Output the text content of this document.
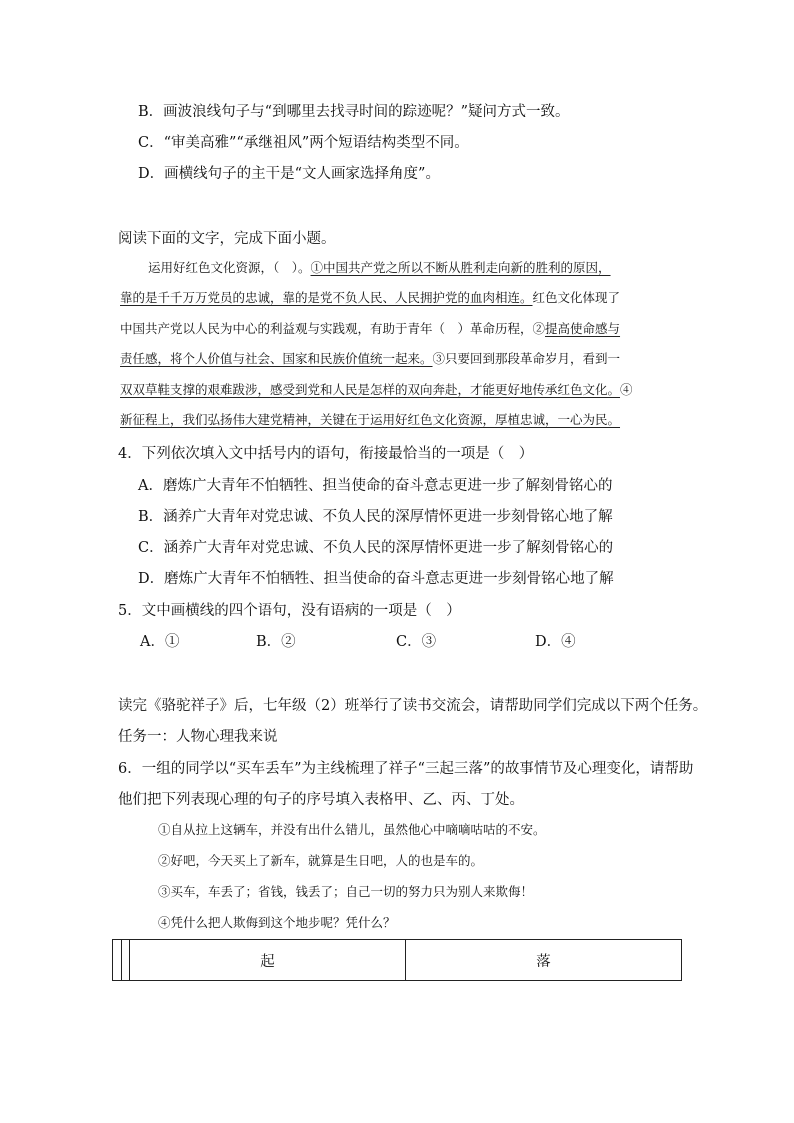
B．画波浪线句子与“到哪里去找寻时间的踪迹呢？”疑问方式一致。
C．“审美高雅”“承继祖风”两个短语结构类型不同。
D．画横线句子的主干是“文人画家选择角度”。
阅读下面的文字，完成下面小题。
运用好红色文化资源，（　）。①中国共产党之所以不断从胜利走向新的胜利的原因，
靠的是千千万万党员的忠诚，靠的是党不负人民、人民拥护党的血肉相连。红色文化体现了
中国共产党以人民为中心的利益观与实践观，有助于青年（　）革命历程，②提高使命感与
责任感，将个人价值与社会、国家和民族价值统一起来。③只要回到那段革命岁月，看到一
双双草鞋支撑的艰难跋涉，感受到党和人民是怎样的双向奔赴，才能更好地传承红色文化。④
新征程上，我们弘扬伟大建党精神，关键在于运用好红色文化资源，厚植忠诚，一心为民。
4．下列依次填入文中括号内的语句，衔接最恰当的一项是（　）
A．磨炼广大青年不怕牺牲、担当使命的奋斗意志更进一步了解刻骨铭心的
B．涵养广大青年对党忠诚、不负人民的深厚情怀更进一步刻骨铭心地了解
C．涵养广大青年对党忠诚、不负人民的深厚情怀更进一步了解刻骨铭心的
D．磨炼广大青年不怕牺牲、担当使命的奋斗意志更进一步刻骨铭心地了解
5．文中画横线的四个语句，没有语病的一项是（　）
A．①	B．②	C．③	D．④
读完《骆驼祥子》后，七年级（2）班举行了读书交流会，请帮助同学们完成以下两个任务。
任务一：人物心理我来说
6．一组的同学以“买车丢车”为主线梳理了祥子“三起三落”的故事情节及心理变化，请帮助
他们把下列表现心理的句子的序号填入表格甲、乙、丙、丁处。
①自从拉上这辆车，并没有出什么错儿，虽然他心中嘀嘀咕咕的不安。
②好吧，今天买上了新车，就算是生日吧，人的也是车的。
③买车，车丢了；省钱，钱丢了；自己一切的努力只为别人来欺侮！
④凭什么把人欺侮到这个地步呢？凭什么？
起	落
